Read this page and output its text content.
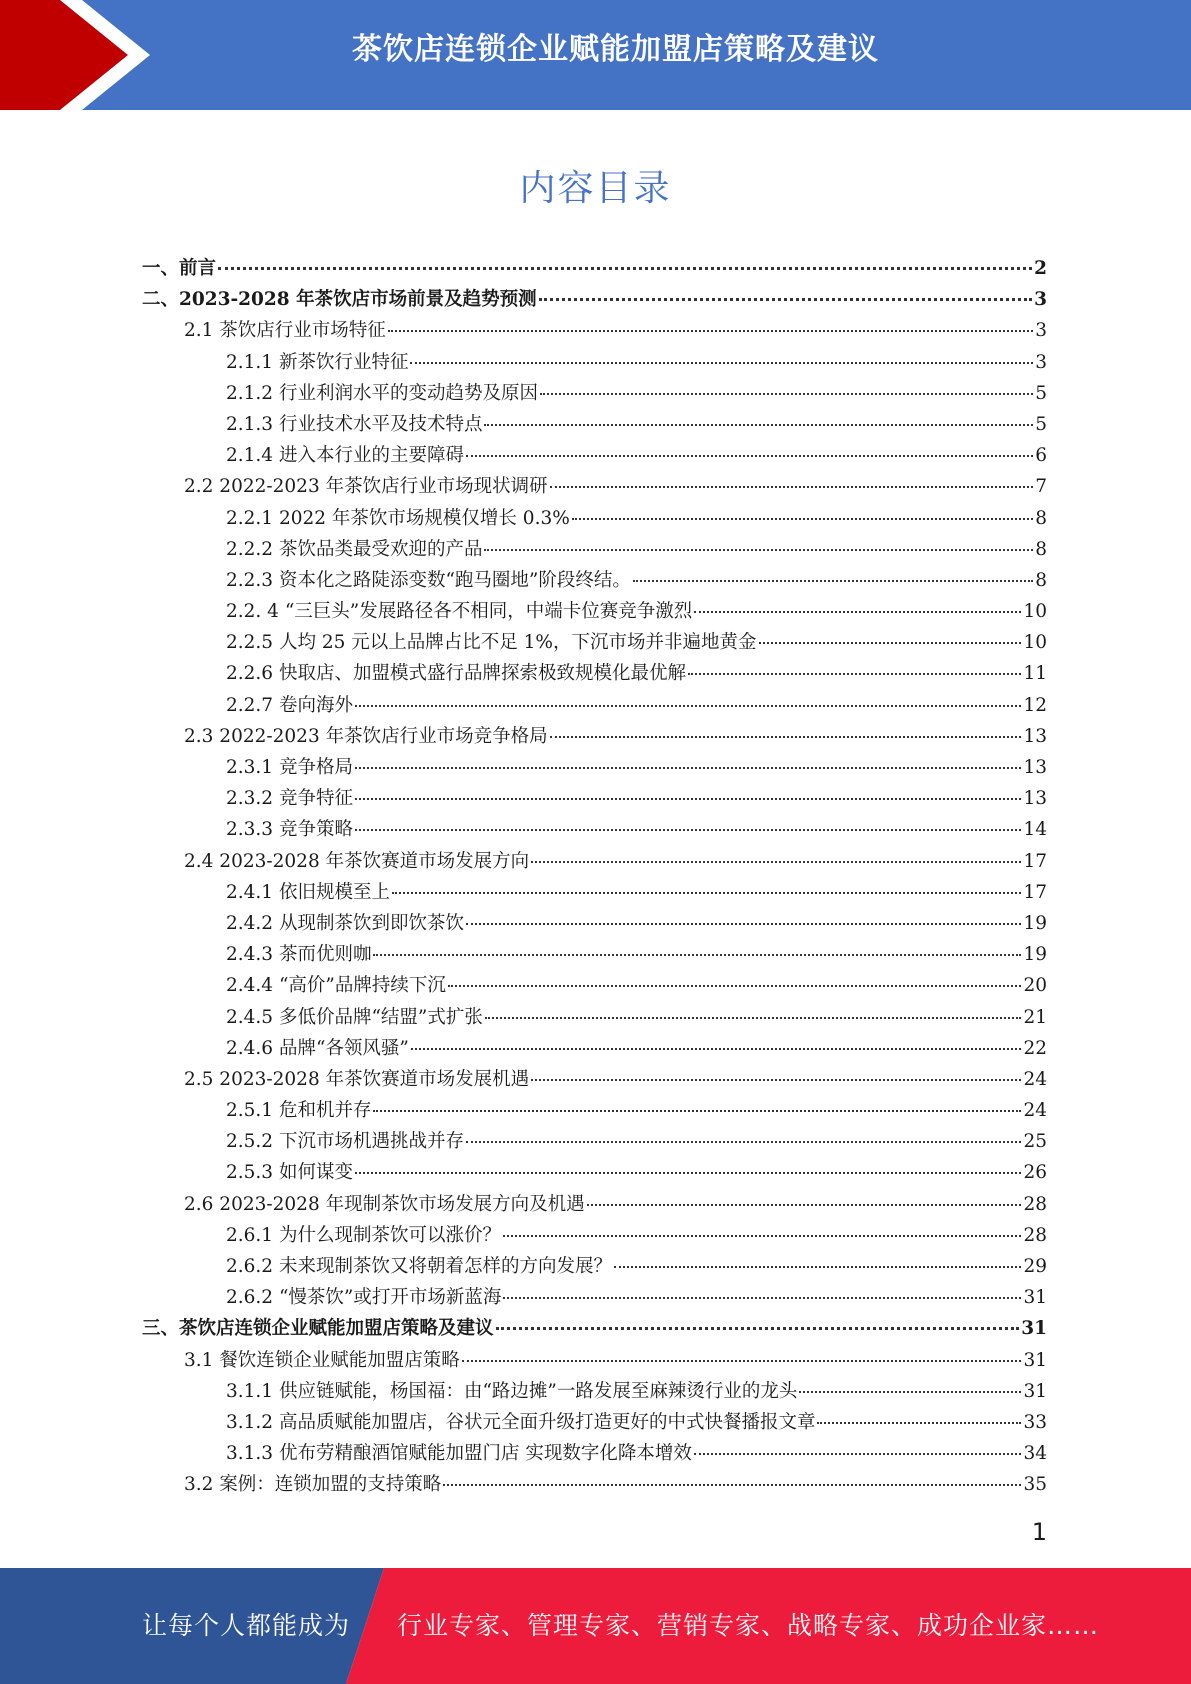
茶饮店连锁企业赋能加盟店策略及建议
内容目录
一、前言	2
二、2023-2028 年茶饮店市场前景及趋势预测	3
2.1 茶饮店行业市场特征	3
2.1.1 新茶饮行业特征	3
2.1.2 行业利润水平的变动趋势及原因	5
2.1.3 行业技术水平及技术特点	5
2.1.4 进入本行业的主要障碍	6
2.2 2022-2023 年茶饮店行业市场现状调研	7
2.2.1 2022 年茶饮市场规模仅增长 0.3%	8
2.2.2 茶饮品类最受欢迎的产品	8
2.2.3 资本化之路陡添变数“跑马圈地”阶段终结。	8
2.2. 4 “三巨头”发展路径各不相同，中端卡位赛竞争激烈	10
2.2.5 人均 25 元以上品牌占比不足 1%，下沉市场并非遍地黄金	10
2.2.6 快取店、加盟模式盛行品牌探索极致规模化最优解	11
2.2.7 卷向海外	12
2.3 2022-2023 年茶饮店行业市场竞争格局	13
2.3.1 竞争格局	13
2.3.2 竞争特征	13
2.3.3 竞争策略	14
2.4 2023-2028 年茶饮赛道市场发展方向	17
2.4.1 依旧规模至上	17
2.4.2 从现制茶饮到即饮茶饮	19
2.4.3 茶而优则咖	19
2.4.4 “高价”品牌持续下沉	20
2.4.5 多低价品牌“结盟”式扩张	21
2.4.6 品牌“各领风骚”	22
2.5 2023-2028 年茶饮赛道市场发展机遇	24
2.5.1 危和机并存	24
2.5.2 下沉市场机遇挑战并存	25
2.5.3 如何谋变	26
2.6 2023-2028 年现制茶饮市场发展方向及机遇	28
2.6.1 为什么现制茶饮可以涨价？	28
2.6.2 未来现制茶饮又将朝着怎样的方向发展？	29
2.6.2 “慢茶饮”或打开市场新蓝海	31
三、茶饮店连锁企业赋能加盟店策略及建议	31
3.1 餐饮连锁企业赋能加盟店策略	31
3.1.1 供应链赋能，杨国福：由“路边摊”一路发展至麻辣烫行业的龙头	31
3.1.2 高品质赋能加盟店，谷状元全面升级打造更好的中式快餐播报文章	33
3.1.3 优布劳精酿酒馆赋能加盟门店 实现数字化降本增效	34
3.2 案例：连锁加盟的支持策略	35
1
让每个人都能成为 行业专家、管理专家、营销专家、战略专家、成功企业家……
